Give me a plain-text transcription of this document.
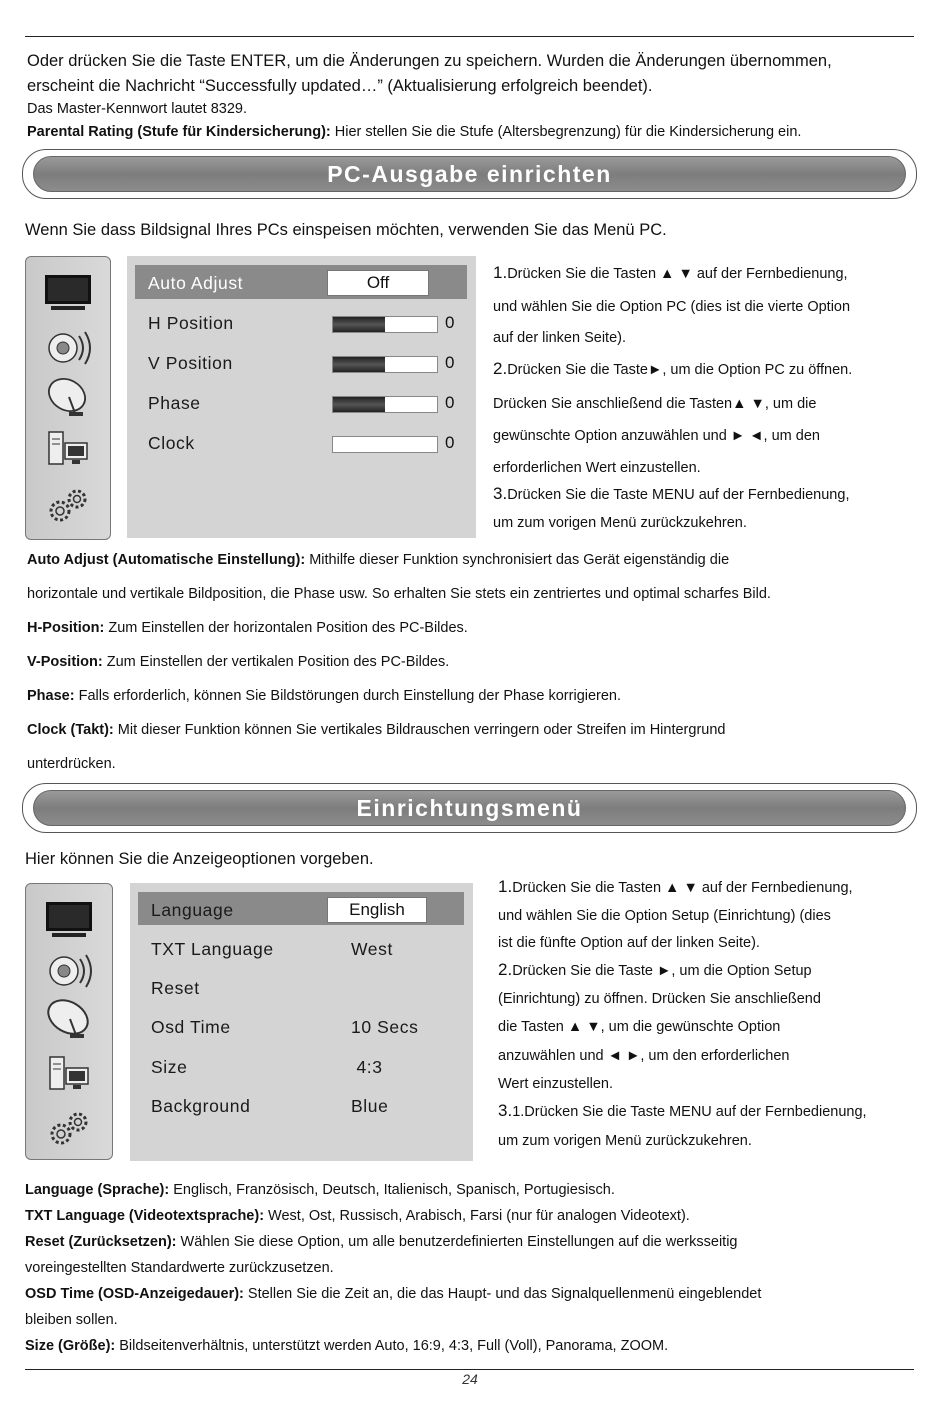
Oder drücken Sie die Taste ENTER, um die Änderungen zu speichern. Wurden die Änderungen übernommen,
erscheint die Nachricht “Successfully updated…” (Aktualisierung erfolgreich beendet).
Das Master-Kennwort lautet 8329.
Parental Rating (Stufe für Kindersicherung): Hier stellen Sie die Stufe (Altersbegrenzung) für die Kindersicherung ein.
PC-Ausgabe einrichten
Wenn Sie dass Bildsignal Ihres PCs einspeisen möchten, verwenden Sie das Menü PC.
Auto Adjust	Off
H Position	0
V Position	0
Phase	0
Clock	0
1.Drücken Sie die Tasten ▲ ▼ auf der Fernbedienung,
und wählen Sie die Option PC (dies ist die vierte Option
auf der linken Seite).
2.Drücken Sie die Taste►, um die Option PC zu öffnen.
Drücken Sie anschließend die Tasten▲ ▼, um die
gewünschte Option anzuwählen und ► ◄, um den
erforderlichen Wert einzustellen.
3.Drücken Sie die Taste MENU auf der Fernbedienung,
um zum vorigen Menü zurückzukehren.
Auto Adjust (Automatische Einstellung): Mithilfe dieser Funktion synchronisiert das Gerät eigenständig die
horizontale und vertikale Bildposition, die Phase usw. So erhalten Sie stets ein zentriertes und optimal scharfes Bild.
H-Position: Zum Einstellen der horizontalen Position des PC-Bildes.
V-Position: Zum Einstellen der vertikalen Position des PC-Bildes.
Phase: Falls erforderlich, können Sie Bildstörungen durch Einstellung der Phase korrigieren.
Clock (Takt): Mit dieser Funktion können Sie vertikales Bildrauschen verringern oder Streifen im Hintergrund
unterdrücken.
Einrichtungsmenü
Hier können Sie die Anzeigeoptionen vorgeben.
Language	English
TXT Language	West
Reset
Osd Time	10 Secs
Size	4:3
Background	Blue
1.Drücken Sie die Tasten ▲ ▼ auf der Fernbedienung,
und wählen Sie die Option Setup (Einrichtung) (dies
ist die fünfte Option auf der linken Seite).
2.Drücken Sie die Taste ►, um die Option Setup
(Einrichtung) zu öffnen. Drücken Sie anschließend
die Tasten ▲ ▼, um die gewünschte Option
anzuwählen und ◄ ►, um den erforderlichen
Wert einzustellen.
3.1.Drücken Sie die Taste MENU auf der Fernbedienung,
um zum vorigen Menü zurückzukehren.
Language (Sprache): Englisch, Französisch, Deutsch, Italienisch, Spanisch, Portugiesisch.
TXT Language (Videotextsprache): West, Ost, Russisch, Arabisch, Farsi (nur für analogen Videotext).
Reset (Zurücksetzen): Wählen Sie diese Option, um alle benutzerdefinierten Einstellungen auf die werksseitig
voreingestellten Standardwerte zurückzusetzen.
OSD Time (OSD-Anzeigedauer): Stellen Sie die Zeit an, die das Haupt- und das Signalquellenmenü eingeblendet
bleiben sollen.
Size (Größe): Bildseitenverhältnis, unterstützt werden Auto, 16:9, 4:3, Full (Voll), Panorama, ZOOM.
24
